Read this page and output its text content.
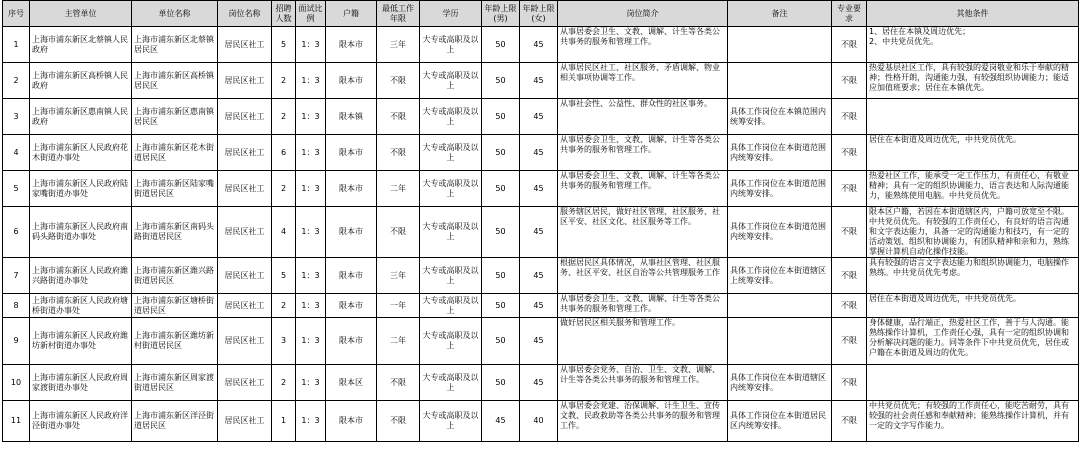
序号	主管单位	单位名称	岗位名称	招聘人数	面试比例	户籍	最低工作年限	学历	年龄上限(男)	年龄上限(女)	岗位简介	备注	专业要求	其他条件
1	上海市浦东新区北蔡镇人民政府	上海市浦东新区北蔡镇居民区	居民区社工	5	1：3	限本市	三年	大专或高职及以上	50	45	从事居委会卫生、文教、调解、计生等各类公共事务的服务和管理工作。		不限	1、居住在本镇及周边优先；
2、中共党员优先。
2	上海市浦东新区高桥镇人民政府	上海市浦东新区高桥镇居民区	居民区社工	2	1：3	限本市	不限	大专或高职及以上	50	45	从事居民区社工、社区服务、矛盾调解、物业相关事项协调等工作。		不限	热爱基层社区工作，具有较强的爱岗敬业和乐于奉献的精神；性格开朗，沟通能力强，有较强组织协调能力；能适应加值班要求；居住在本镇优先。
3	上海市浦东新区惠南镇人民政府	上海市浦东新区惠南镇居民区	居民区社工	2	1：3	限本镇	不限	大专或高职及以上	50	45	从事社会性、公益性、群众性的社区事务。	具体工作岗位在本镇范围内统筹安排。	不限	
4	上海市浦东新区人民政府花木街道办事处	上海市浦东新区花木街道居民区	居民区社工	6	1：3	限本市	不限	大专或高职及以上	50	45	从事居委会卫生、文教、调解、计生等各类公共事务的服务和管理工作。	具体工作岗位在本街道范围内统筹安排。	不限	居住在本街道及周边优先，中共党员优先。
5	上海市浦东新区人民政府陆家嘴街道办事处	上海市浦东新区陆家嘴街道居民区	居民区社工	2	1：3	限本市	二年	大专或高职及以上	50	45	从事居委会卫生、文教、调解、计生等各类公共事务的服务和管理工作。	具体工作岗位在本街道范围内统筹安排。	不限	热爱社区工作，能承受一定工作压力，有责任心，有敬业精神；具有一定的组织协调能力、语言表达和人际沟通能力，能熟练使用电脑。中共党员优先。
6	上海市浦东新区人民政府南码头路街道办事处	上海市浦东新区南码头路街道居民区	居民区社工	4	1：3	限本市	不限	大专或高职及以上	50	45	服务辖区居民，做好社区管理、社区服务、社区平安、社区文化、社区服务等工作。	具体工作岗位在本街道范围内统筹安排。	不限	限本区户籍，若因在本街道辖区内，户籍可放宽至不限。中共党员优先。有较强的工作责任心，有良好的语言沟通和文字表达能力，具备一定的沟通能力和技巧，有一定的活动策划、组织和协调能力，有团队精神和亲和力，熟练掌握计算机自动化操作技能。
7	上海市浦东新区人民政府潍兴路街道办事处	上海市浦东新区潍兴路街道居民区	居民区社工	5	1：3	限本市	三年	大专或高职及以上	50	45	根据居民区具体情况，从事社区管理、社区服务、社区平安、社区自治等公共管理服务工作	具体工作岗位在本街道辖区上统筹安排。	不限	具有较强的语言文字表达能力和组织协调能力，电脑操作熟练。中共党员优先考虑。
8	上海市浦东新区人民政府塘桥街道办事处	上海市浦东新区塘桥街道居民区	居民区社工	2	1：3	限本市	一年	大专或高职及以上	50	45	从事居委会卫生、文教、调解、计生等各类公共事务的服务和管理工作。		不限	居住在本街道及周边优先，中共党员优先。
9	上海市浦东新区人民政府潍坊新村街道办事处	上海市浦东新区潍坊新村街道居民区	居民区社工	3	1：3	限本市	二年	大专或高职及以上	50	45	做好居民区相关服务和管理工作。		不限	身体健康，品行端正，热爱社区工作，善于与人沟通。能熟练操作计算机，工作责任心强，具有一定的组织协调和分析解决问题的能力。同等条件下中共党员优先，居住或户籍在本街道及周边的优先。
10	上海市浦东新区人民政府周家渡街道办事处	上海市浦东新区周家渡街道居民区	居民区社工	2	1：3	限本区	不限	大专或高职及以上	50	45	从事居委会党务、自治、卫生、文教、调解、计生等各类公共事务的服务和管理工作。	具体工作岗位在本街道辖区内统筹安排。	不限	
11	上海市浦东新区人民政府洋泾街道办事处	上海市浦东新区洋泾街道居民区	居民区社工	1	1：3	限本市	不限	大专或高职及以上	45	40	从事居委会党建、治保调解、计生卫生、宣传文教、民政救助等各类公共事务的服务和管理工作。	具体工作岗位在本街道居民区内统筹安排。	不限	中共党员优先；有较强的工作责任心，能吃苦耐劳，具有较强的社会责任感和奉献精神；能熟练操作计算机，并有一定的文字写作能力。
